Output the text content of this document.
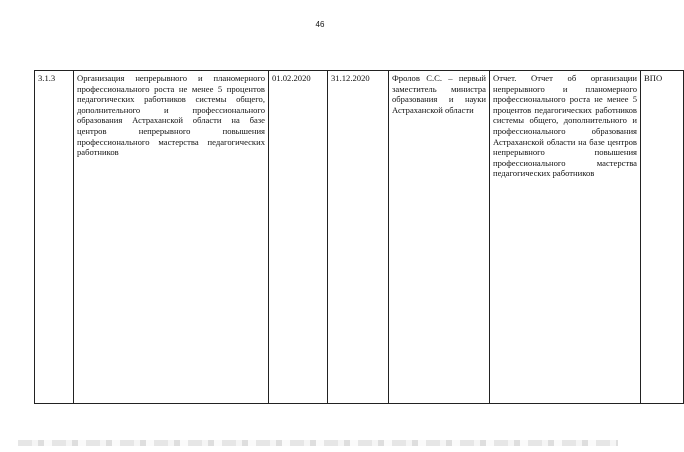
46
3.1.3	Организация непрерывного и планомерного профессионального роста не менее 5 процентов педагогических работников системы общего, дополнительного и профессионального образования Астраханской области на базе центров непрерывного повышения профессионального мастерства педагогических работников	01.02.2020	31.12.2020	Фролов С.С. – первый заместитель министра образования и науки Астраханской области	Отчет. Отчет об организации непрерывного и планомерного профессионального роста не менее 5 процентов педагогических работников системы общего, дополнительного и профессионального образования Астраханской области на базе центров непрерывного повышения профессионального мастерства педагогических работников	ВПО
